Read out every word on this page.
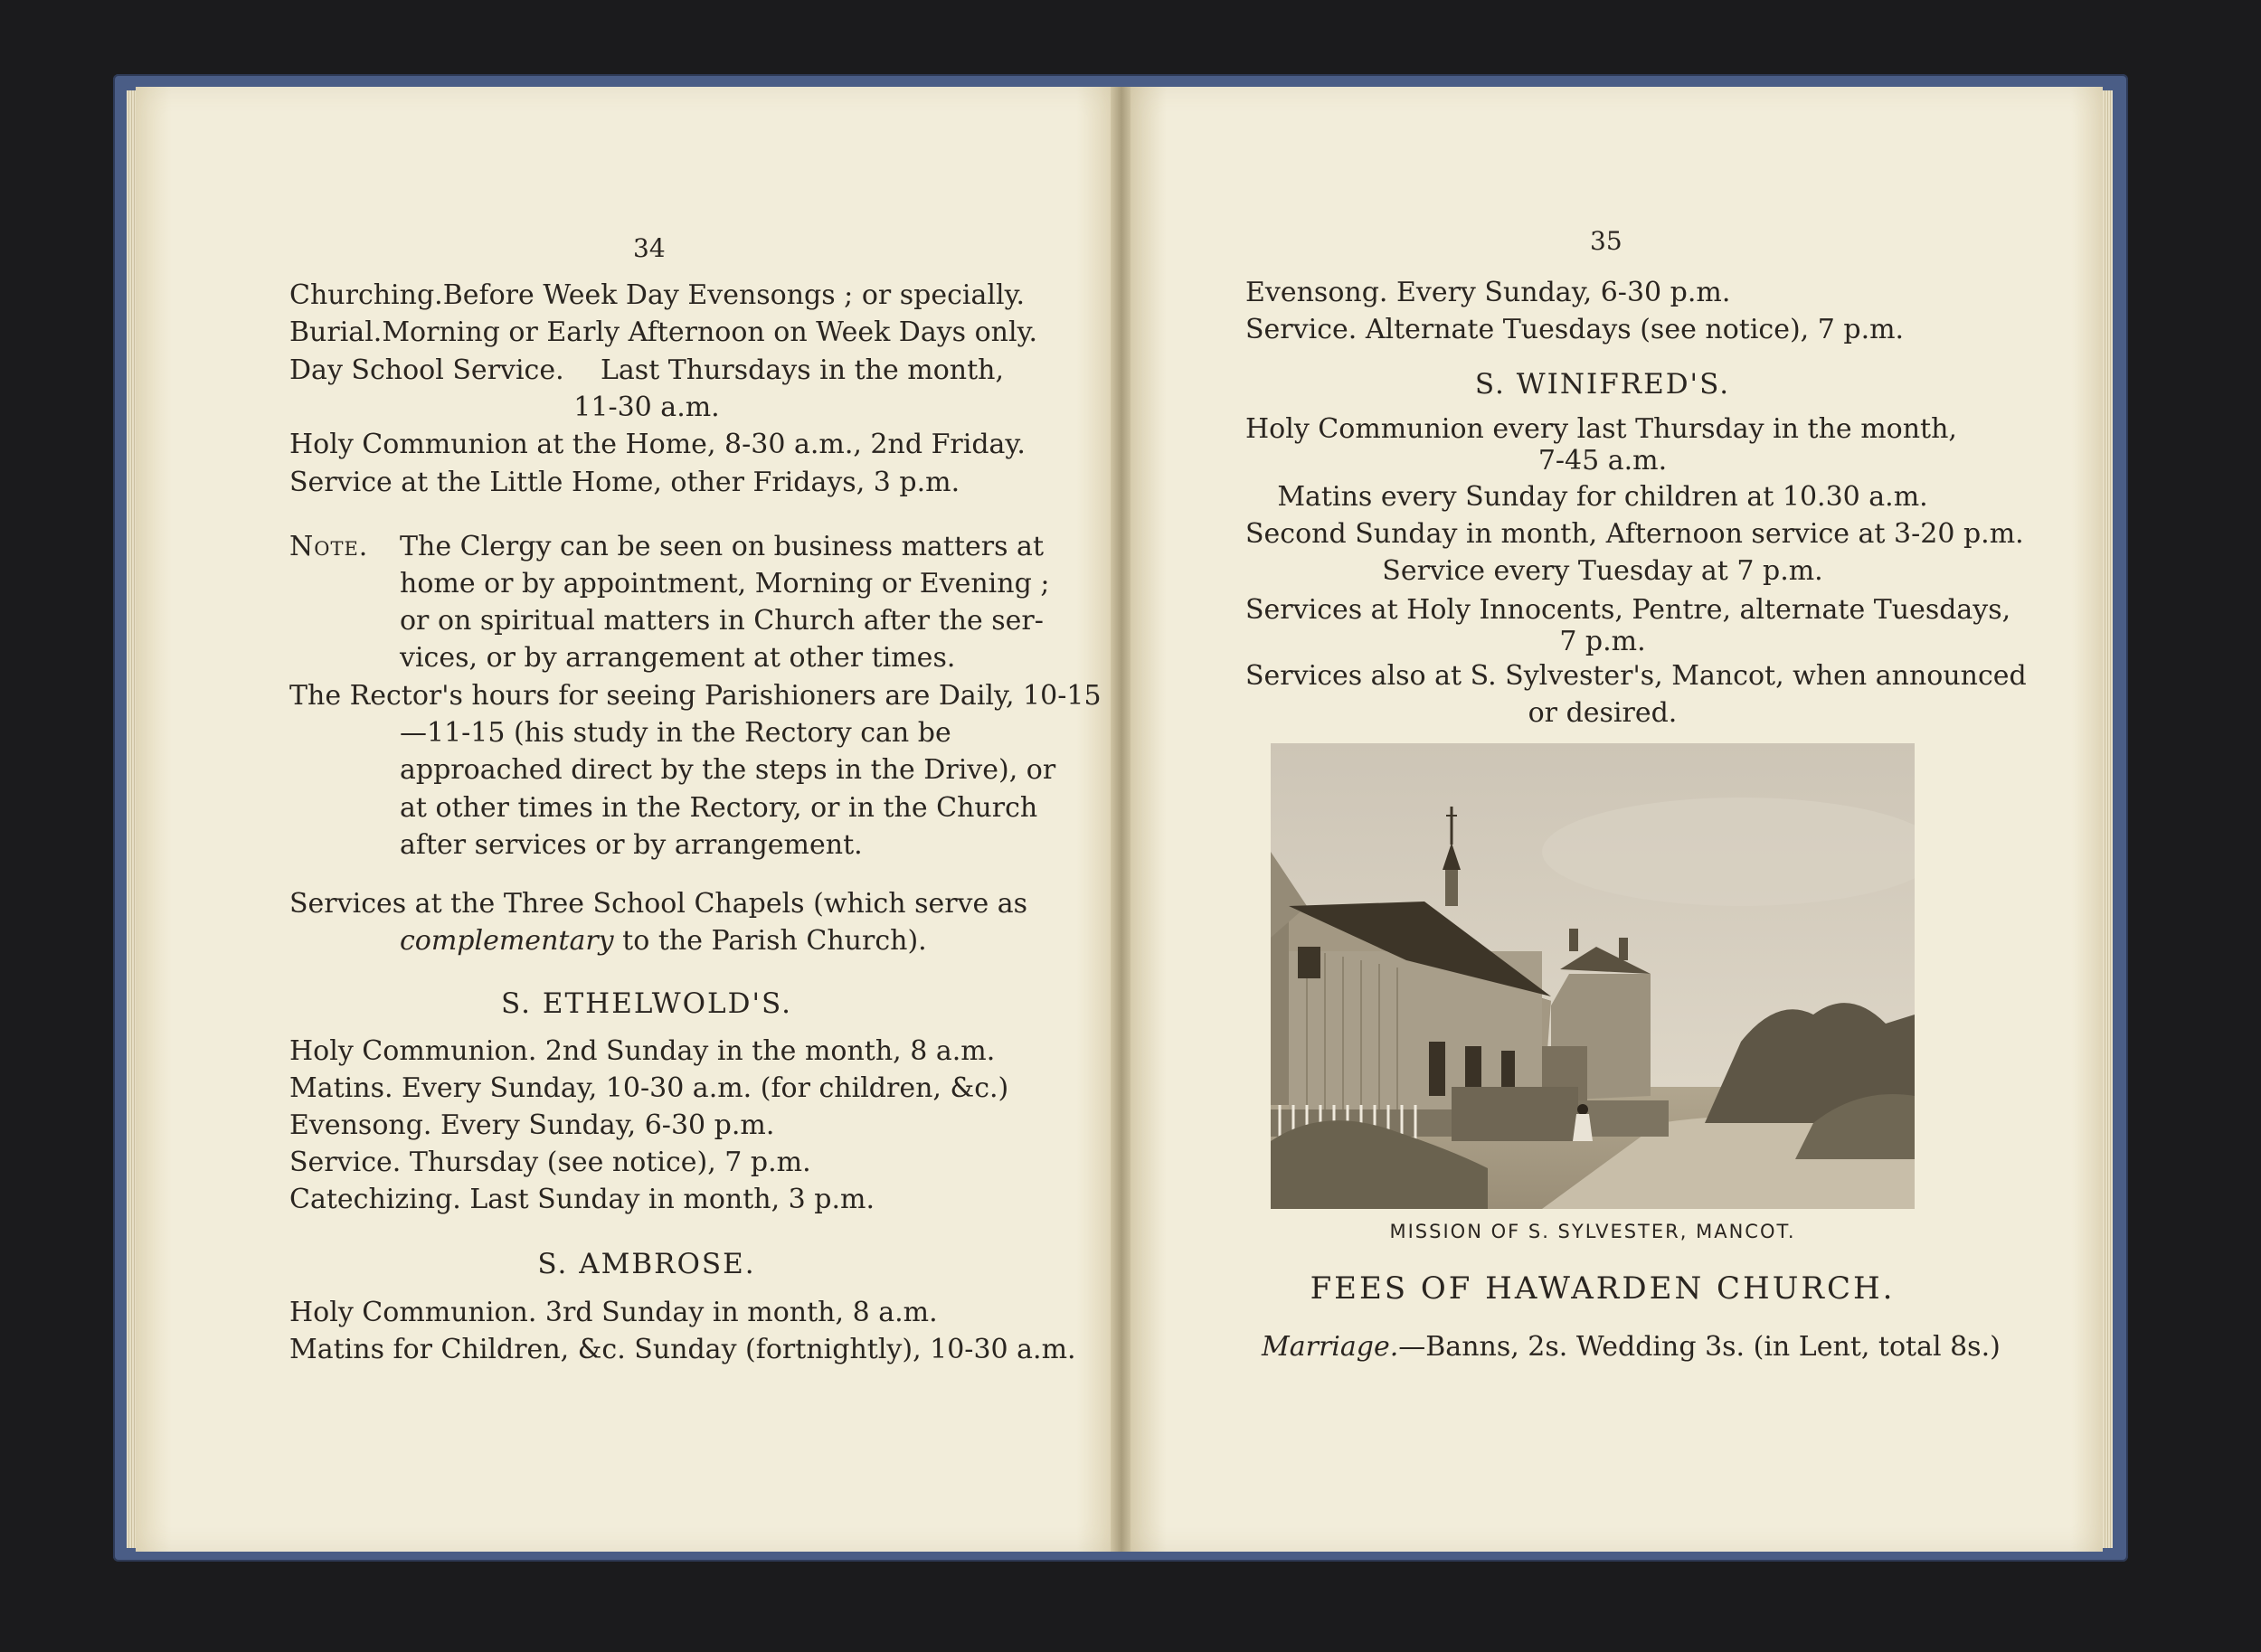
34
Churching. Before Week Day Evensongs ; or specially.
Burial. Morning or Early Afternoon on Week Days only.
Day School Service. Last Thursdays in the month,
11-30 a.m.
Holy Communion at the Home, 8-30 a.m., 2nd Friday.
Service at the Little Home, other Fridays, 3 p.m.
Note. The Clergy can be seen on business matters at
home or by appointment, Morning or Evening ;
or on spiritual matters in Church after the ser-
vices, or by arrangement at other times.
The Rector's hours for seeing Parishioners are Daily, 10-15
—11-15 (his study in the Rectory can be
approached direct by the steps in the Drive), or
at other times in the Rectory, or in the Church
after services or by arrangement.
Services at the Three School Chapels (which serve as
complementary to the Parish Church).
S. ETHELWOLD'S.
Holy Communion. 2nd Sunday in the month, 8 a.m.
Matins. Every Sunday, 10-30 a.m. (for children, &c.)
Evensong. Every Sunday, 6-30 p.m.
Service. Thursday (see notice), 7 p.m.
Catechizing. Last Sunday in month, 3 p.m.
S. AMBROSE.
Holy Communion. 3rd Sunday in month, 8 a.m.
Matins for Children, &c. Sunday (fortnightly), 10-30 a.m.
35
Evensong. Every Sunday, 6-30 p.m.
Service. Alternate Tuesdays (see notice), 7 p.m.
S. WINIFRED'S.
Holy Communion every last Thursday in the month,
7-45 a.m.
Matins every Sunday for children at 10.30 a.m.
Second Sunday in month, Afternoon service at 3-20 p.m.
Service every Tuesday at 7 p.m.
Services at Holy Innocents, Pentre, alternate Tuesdays,
7 p.m.
Services also at S. Sylvester's, Mancot, when announced
or desired.
MISSION OF S. SYLVESTER, MANCOT.
FEES OF HAWARDEN CHURCH.
Marriage.—Banns, 2s. Wedding 3s. (in Lent, total 8s.)
